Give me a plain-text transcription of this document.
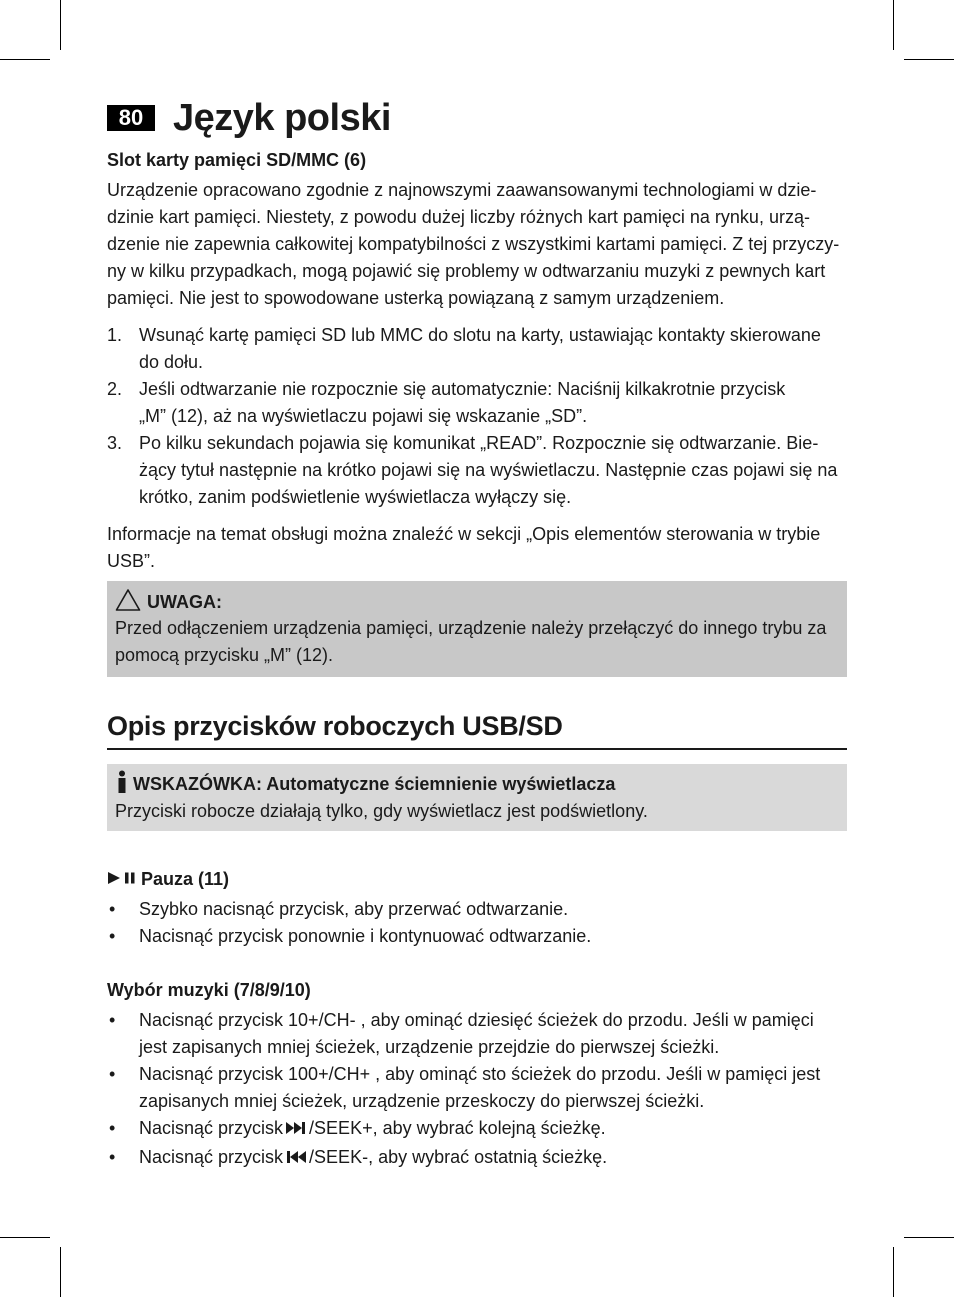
80 Język polski
Slot karty pamięci SD/MMC (6)

Urządzenie opracowano zgodnie z najnowszymi zaawansowanymi technologiami w dzie-
dzinie kart pamięci. Niestety, z powodu dużej liczby różnych kart pamięci na rynku, urzą-
dzenie nie zapewnia całkowitej kompatybilności z wszystkimi kartami pamięci. Z tej przyczy-
ny w kilku przypadkach, mogą pojawić się problemy w odtwarzaniu muzyki z pewnych kart
pamięci. Nie jest to spowodowane usterką powiązaną z samym urządzeniem.

1. Wsunąć kartę pamięci SD lub MMC do slotu na karty, ustawiając kontakty skierowane
do dołu.
2. Jeśli odtwarzanie nie rozpocznie się automatycznie: Naciśnij kilkakrotnie przycisk
„M” (12), aż na wyświetlaczu pojawi się wskazanie „SD”.
3. Po kilku sekundach pojawia się komunikat „READ”. Rozpocznie się odtwarzanie. Bie-
żący tytuł następnie na krótko pojawi się na wyświetlaczu. Następnie czas pojawi się na
krótko, zanim podświetlenie wyświetlacza wyłączy się.

Informacje na temat obsługi można znaleźć w sekcji „Opis elementów sterowania w trybie
USB”.

UWAGA:
Przed odłączeniem urządzenia pamięci, urządzenie należy przełączyć do innego trybu za
pomocą przycisku „M” (12).
Opis przycisków roboczych USB/SD
WSKAZÓWKA: Automatyczne ściemnienie wyświetlacza
Przyciski robocze działają tylko, gdy wyświetlacz jest podświetlony.
Pauza (11)
• Szybko nacisnąć przycisk, aby przerwać odtwarzanie.
• Nacisnąć przycisk ponownie i kontynuować odtwarzanie.
Wybór muzyki (7/8/9/10)
• Nacisnąć przycisk 10+/CH- , aby ominąć dziesięć ścieżek do przodu. Jeśli w pamięci
jest zapisanych mniej ścieżek, urządzenie przejdzie do pierwszej ścieżki.
• Nacisnąć przycisk 100+/CH+ , aby ominąć sto ścieżek do przodu. Jeśli w pamięci jest
zapisanych mniej ścieżek, urządzenie przeskoczy do pierwszej ścieżki.
• Nacisnąć przycisk /SEEK+, aby wybrać kolejną ścieżkę.
• Nacisnąć przycisk /SEEK-, aby wybrać ostatnią ścieżkę.
